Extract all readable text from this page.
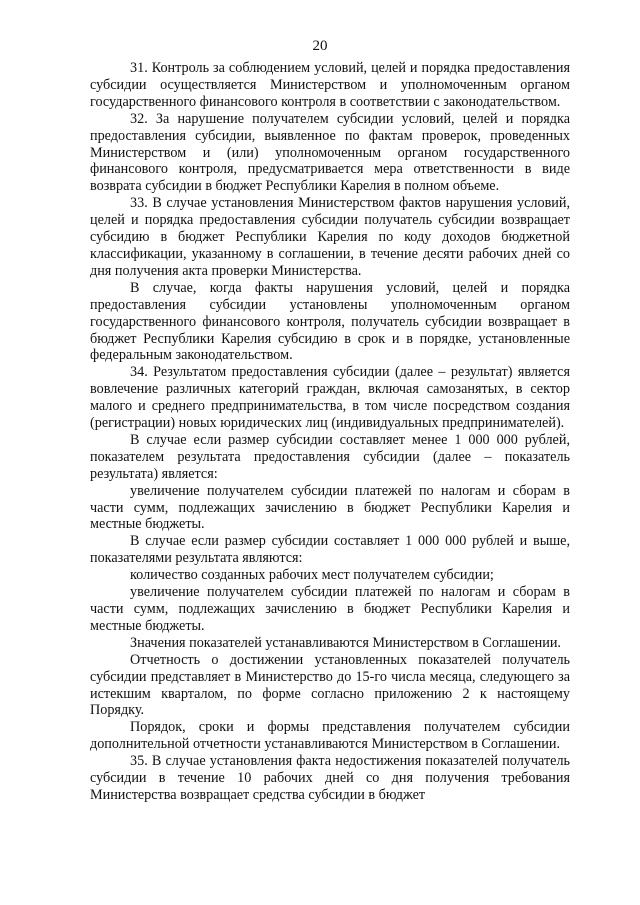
20

31. Контроль за соблюдением условий, целей и порядка предоставления субсидии осуществляется Министерством и уполномоченным органом государственного финансового контроля в соответствии с законодательством.

32. За нарушение получателем субсидии условий, целей и порядка предоставления субсидии, выявленное по фактам проверок, проведенных Министерством и (или) уполномоченным органом государственного финансового контроля, предусматривается мера ответственности в виде возврата субсидии в бюджет Республики Карелия в полном объеме.

33. В случае установления Министерством фактов нарушения условий, целей и порядка предоставления субсидии получатель субсидии возвращает субсидию в бюджет Республики Карелия по коду доходов бюджетной классификации, указанному в соглашении, в течение десяти рабочих дней со дня получения акта проверки Министерства.

В случае, когда факты нарушения условий, целей и порядка предоставления субсидии установлены уполномоченным органом государственного финансового контроля, получатель субсидии возвращает в бюджет Республики Карелия субсидию в срок и в порядке, установленные федеральным законодательством.

34. Результатом предоставления субсидии (далее – результат) является вовлечение различных категорий граждан, включая самозанятых, в сектор малого и среднего предпринимательства, в том числе посредством создания (регистрации) новых юридических лиц (индивидуальных предпринимателей).

В случае если размер субсидии составляет менее 1 000 000 рублей, показателем результата предоставления субсидии (далее – показатель результата) является:

увеличение получателем субсидии платежей по налогам и сборам в части сумм, подлежащих зачислению в бюджет Республики Карелия и местные бюджеты.

В случае если размер субсидии составляет 1 000 000 рублей и выше, показателями результата являются:

количество созданных рабочих мест получателем субсидии;

увеличение получателем субсидии платежей по налогам и сборам в части сумм, подлежащих зачислению в бюджет Республики Карелия и местные бюджеты.

Значения показателей устанавливаются Министерством в Соглашении.

Отчетность о достижении установленных показателей получатель субсидии представляет в Министерство до 15-го числа месяца, следующего за истекшим кварталом, по форме согласно приложению 2 к настоящему Порядку.

Порядок, сроки и формы представления получателем субсидии дополнительной отчетности устанавливаются Министерством в Соглашении.

35. В случае установления факта недостижения показателей получатель субсидии в течение 10 рабочих дней со дня получения требования Министерства возвращает средства субсидии в бюджет
